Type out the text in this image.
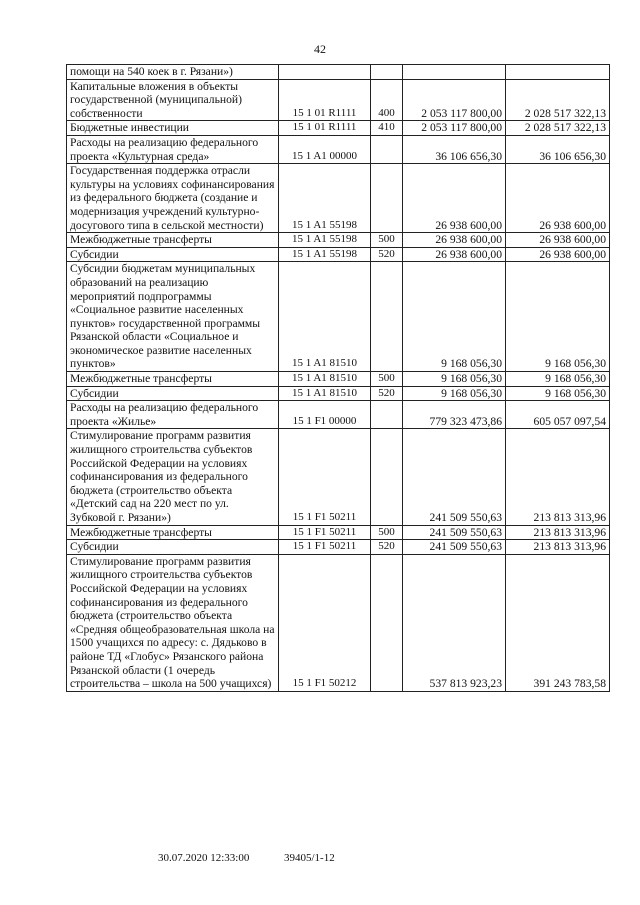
42
помощи на 540 коек в г. Рязани»)				
Капитальные вложения в объекты государственной (муниципальной) собственности	15 1 01 R1111	400	2 053 117 800,00	2 028 517 322,13
Бюджетные инвестиции	15 1 01 R1111	410	2 053 117 800,00	2 028 517 322,13
Расходы на реализацию федерального проекта «Культурная среда»	15 1 A1 00000		36 106 656,30	36 106 656,30
Государственная поддержка отрасли культуры на условиях софинансирования из федерального бюджета (создание и модернизация учреждений культурно-досугового типа в сельской местности)	15 1 A1 55198		26 938 600,00	26 938 600,00
Межбюджетные трансферты	15 1 A1 55198	500	26 938 600,00	26 938 600,00
Субсидии	15 1 A1 55198	520	26 938 600,00	26 938 600,00
Субсидии бюджетам муниципальных образований на реализацию мероприятий подпрограммы «Социальное развитие населенных пунктов» государственной программы Рязанской области «Социальное и экономическое развитие населенных пунктов»	15 1 A1 81510		9 168 056,30	9 168 056,30
Межбюджетные трансферты	15 1 A1 81510	500	9 168 056,30	9 168 056,30
Субсидии	15 1 A1 81510	520	9 168 056,30	9 168 056,30
Расходы на реализацию федерального проекта «Жилье»	15 1 F1 00000		779 323 473,86	605 057 097,54
Стимулирование программ развития жилищного строительства субъектов Российской Федерации на условиях софинансирования из федерального бюджета (строительство объекта «Детский сад на 220 мест по ул. Зубковой г. Рязани»)	15 1 F1 50211		241 509 550,63	213 813 313,96
Межбюджетные трансферты	15 1 F1 50211	500	241 509 550,63	213 813 313,96
Субсидии	15 1 F1 50211	520	241 509 550,63	213 813 313,96
Стимулирование программ развития жилищного строительства субъектов Российской Федерации на условиях софинансирования из федерального бюджета (строительство объекта «Средняя общеобразовательная школа на 1500 учащихся по адресу: с. Дядьково в районе ТД «Глобус» Рязанского района Рязанской области (1 очередь строительства – школа на 500 учащихся)	15 1 F1 50212		537 813 923,23	391 243 783,58
30.07.2020 12:33:00	39405/1-12
